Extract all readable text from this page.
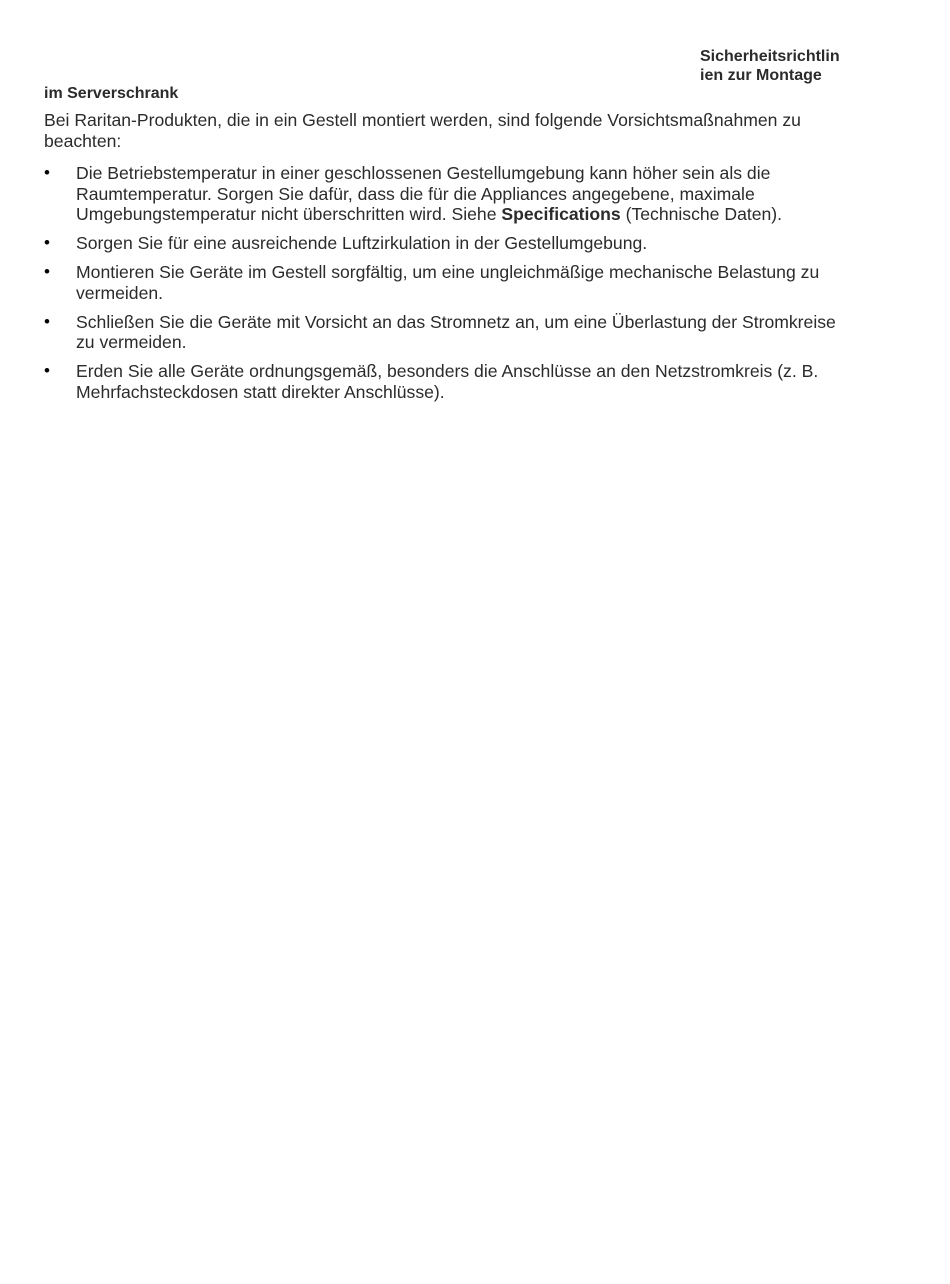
Sicherheitsrichtlin
ien zur Montage
im Serverschrank

Bei Raritan-Produkten, die in ein Gestell montiert werden, sind folgende Vorsichtsmaßnahmen zu beachten:

• Die Betriebstemperatur in einer geschlossenen Gestellumgebung kann höher sein als die Raumtemperatur. Sorgen Sie dafür, dass die für die Appliances angegebene, maximale Umgebungstemperatur nicht überschritten wird. Siehe Specifications (Technische Daten).
• Sorgen Sie für eine ausreichende Luftzirkulation in der Gestellumgebung.
• Montieren Sie Geräte im Gestell sorgfältig, um eine ungleichmäßige mechanische Belastung zu vermeiden.
• Schließen Sie die Geräte mit Vorsicht an das Stromnetz an, um eine Überlastung der Stromkreise zu vermeiden.
• Erden Sie alle Geräte ordnungsgemäß, besonders die Anschlüsse an den Netzstromkreis (z. B. Mehrfachsteckdosen statt direkter Anschlüsse).
